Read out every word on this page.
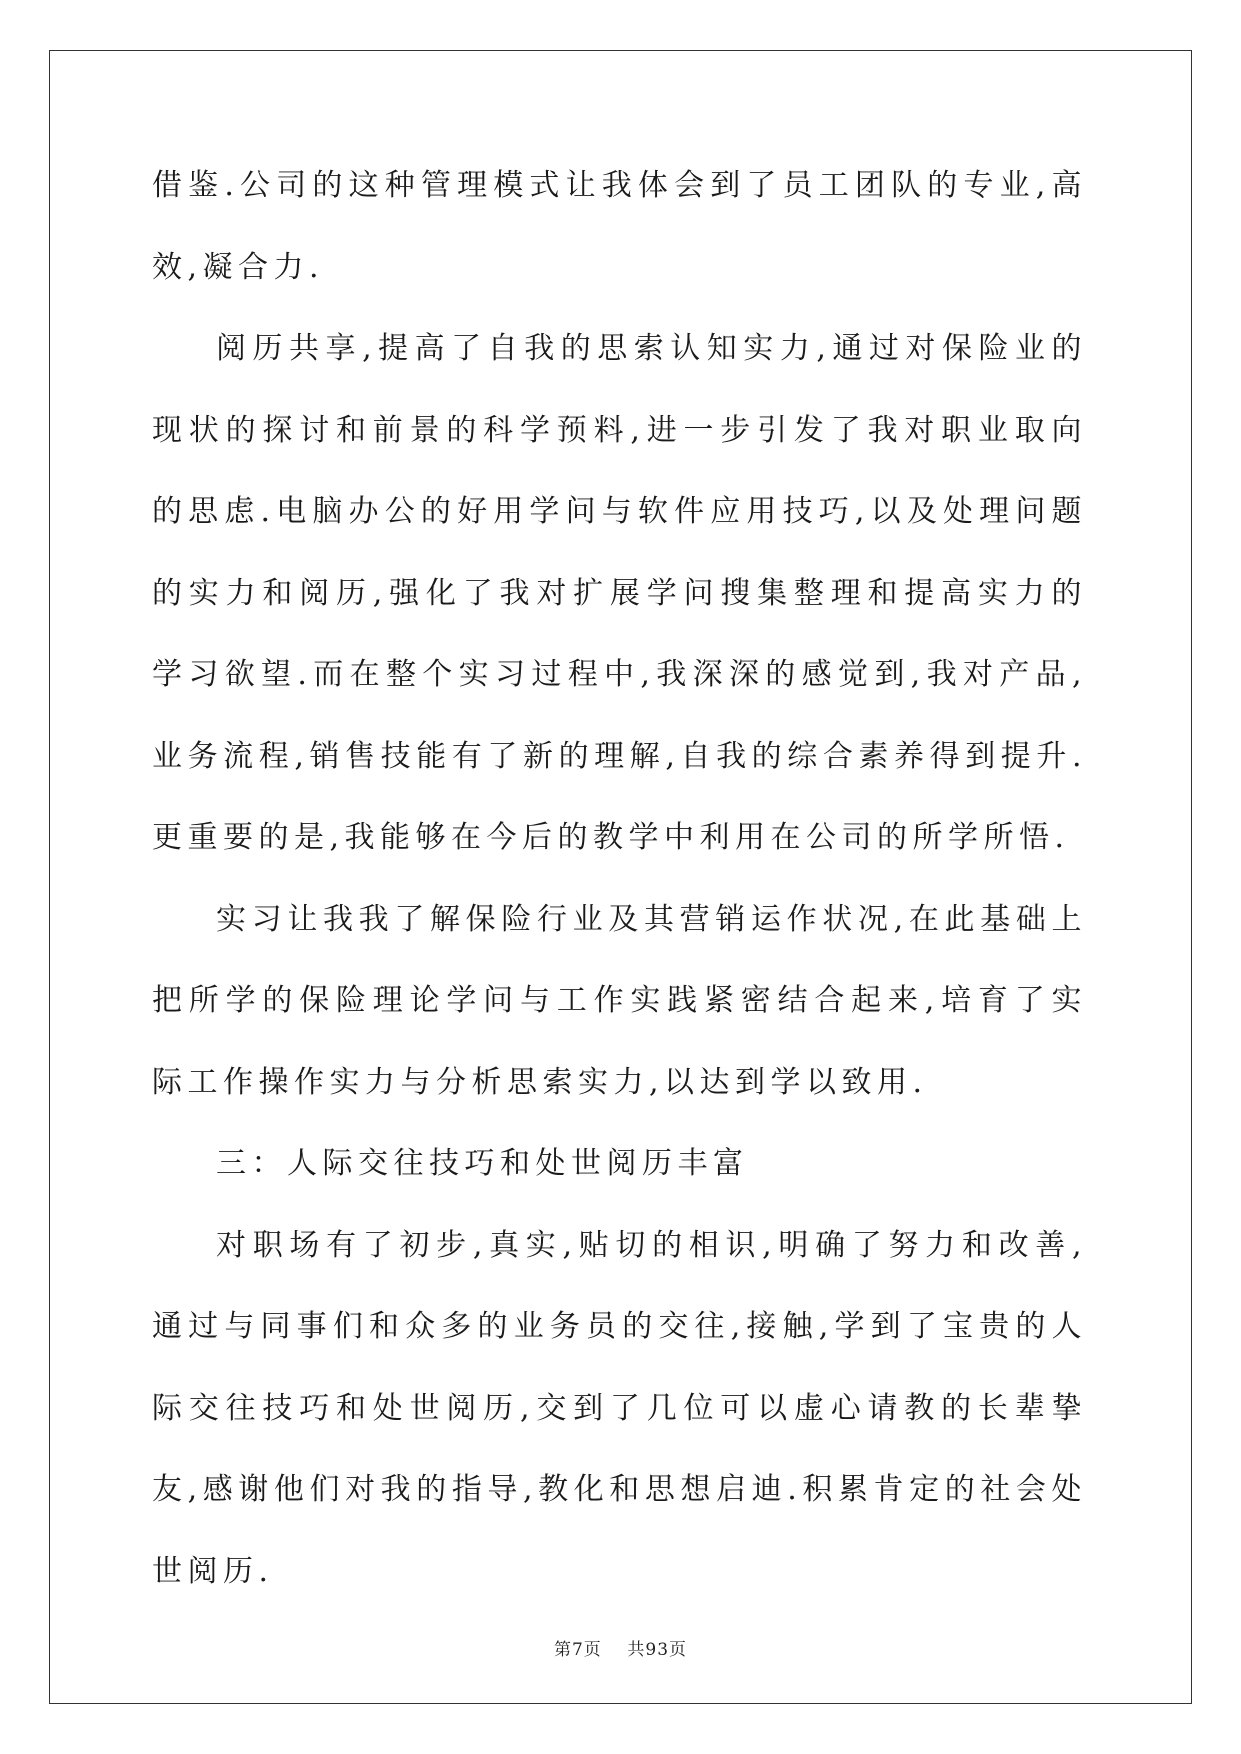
借鉴.公司的这种管理模式让我体会到了员工团队的专业,高效,凝合力.

阅历共享,提高了自我的思索认知实力,通过对保险业的现状的探讨和前景的科学预料,进一步引发了我对职业取向的思虑.电脑办公的好用学问与软件应用技巧,以及处理问题的实力和阅历,强化了我对扩展学问搜集整理和提高实力的学习欲望.而在整个实习过程中,我深深的感觉到,我对产品,业务流程,销售技能有了新的理解,自我的综合素养得到提升.更重要的是,我能够在今后的教学中利用在公司的所学所悟.

实习让我我了解保险行业及其营销运作状况,在此基础上把所学的保险理论学问与工作实践紧密结合起来,培育了实际工作操作实力与分析思索实力,以达到学以致用.

三：人际交往技巧和处世阅历丰富

对职场有了初步,真实,贴切的相识,明确了努力和改善,通过与同事们和众多的业务员的交往,接触,学到了宝贵的人际交往技巧和处世阅历,交到了几位可以虚心请教的长辈挚友,感谢他们对我的指导,教化和思想启迪.积累肯定的社会处世阅历.

第7页 共93页
